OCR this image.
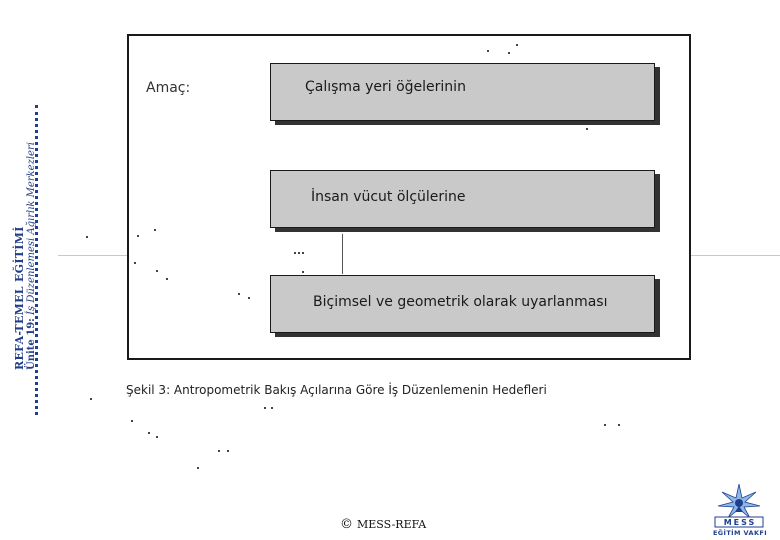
REFA-TEMEL EĞİTİMİ Ünite 19: İş Düzenlemesi Ağırlık Merkezleri
Amaç:	Çalışma yeri öğelerinin
İnsan vücut ölçülerine
Biçimsel ve geometrik olarak uyarlanması
Şekil 3: Antropometrik Bakış Açılarına Göre İş Düzenlemenin Hedefleri
© MESS-REFA	MESS
EĞİTİM VAKFI
